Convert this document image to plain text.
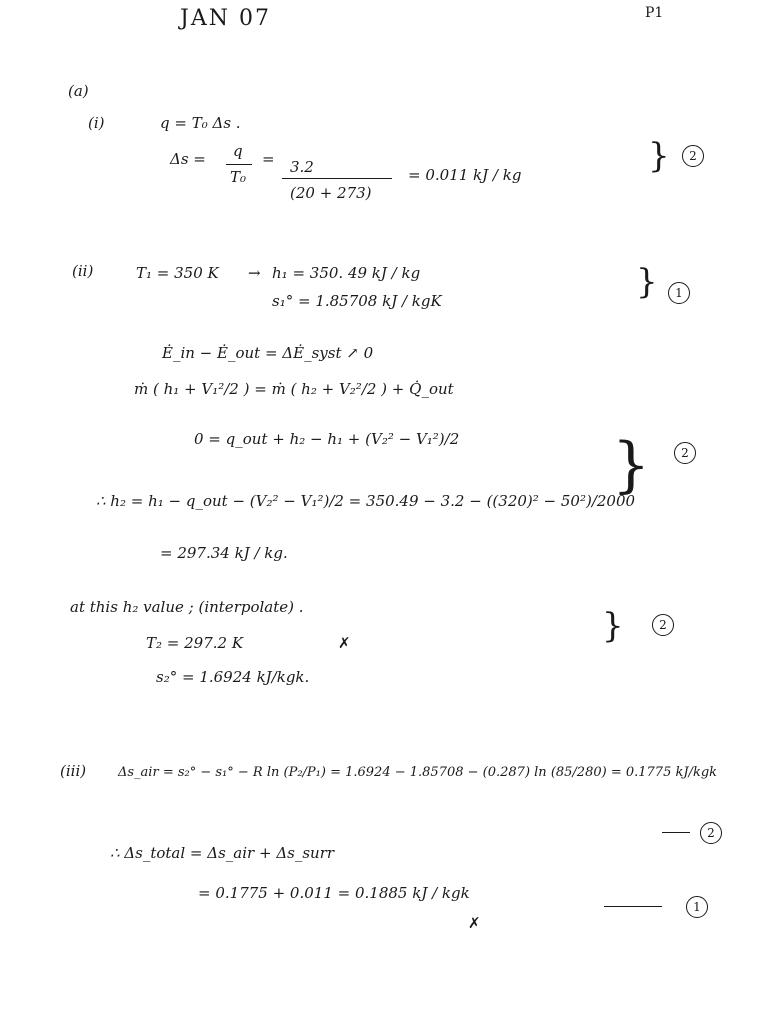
JAN 07	P1
(a)
(i)	q = T₀ Δs .
Δs = q
T₀
= 3.2
(20 + 273)
= 0.011 kJ / kg	}	2
(ii)	T₁ = 350 K → h₁ = 350. 49 kJ / kg
s₁° = 1.85708 kJ / kgK	}	1
Ė_in − Ė_out = ΔĖ_syst ↗ 0
ṁ ( h₁ + V₁²/2 ) = ṁ ( h₂ + V₂²/2 ) + Q̇_out
0 = q_out + h₂ − h₁ + (V₂² − V₁²)/2
∴ h₂ = h₁ − q_out − (V₂² − V₁²)/2 = 350.49 − 3.2 − ((320)² − 50²)/2000
= 297.34 kJ / kg.
}	2
at this h₂ value ; (interpolate) .
T₂ = 297.2 K	✗
s₂° = 1.6924 kJ/kgk.
}	2
(iii) Δs_air = s₂° − s₁° − R ln (P₂/P₁) = 1.6924 − 1.85708 − (0.287) ln (85/280) = 0.1775 kJ/kgk
2
∴ Δs_total = Δs_air + Δs_surr
= 0.1775 + 0.011 = 0.1885 kJ / kgk
✗
1
